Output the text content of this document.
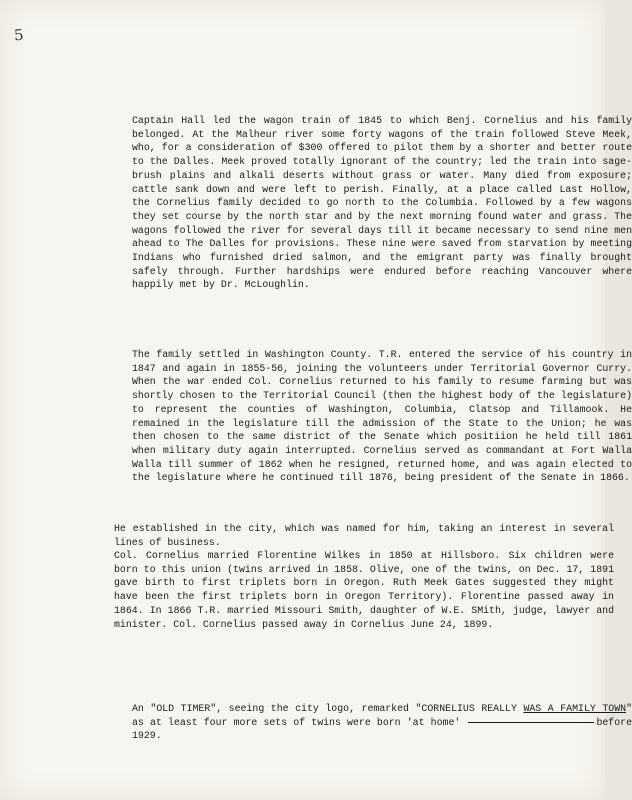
5
Captain Hall led the wagon train of 1845 to which Benj. Cornelius and his family belonged. At the Malheur river some forty wagons of the train followed Steve Meek, who, for a consideration of $300 offered to pilot them by a shorter and better route to the Dalles. Meek proved totally ignorant of the country; led the train into sage-brush plains and alkali deserts without grass or water. Many died from exposure; cattle sank down and were left to perish. Finally, at a place called Last Hollow, the Cornelius family decided to go north to the Columbia. Followed by a few wagons they set course by the north star and by the next morning found water and grass. The wagons followed the river for several days till it became necessary to send nine men ahead to The Dalles for provisions. These nine were saved from starvation by meeting Indians who furnished dried salmon, and the emigrant party was finally brought safely through. Further hardships were endured before reaching Vancouver where happily met by Dr. McLoughlin.
The family settled in Washington County. T.R. entered the service of his country in 1847 and again in 1855-56, joining the volunteers under Territorial Governor Curry. When the war ended Col. Cornelius returned to his family to resume farming but was shortly chosen to the Territorial Council (then the highest body of the legislature) to represent the counties of Washington, Columbia, Clatsop and Tillamook. He remained in the legislature till the admission of the State to the Union; he was then chosen to the same district of the Senate which positiion he held till 1861 when military duty again interrupted. Cornelius served as commandant at Fort Walla Walla till summer of 1862 when he resigned, returned home, and was again elected to the legislature where he continued till 1876, being president of the Senate in 1866.
He established in the city, which was named for him, taking an interest in several lines of business.
Col. Cornelius married Florentine Wilkes in 1850 at Hillsboro. Six children were born to this union (twins arrived in 1858. Olive, one of the twins, on Dec. 17, 1891 gave birth to first triplets born in Oregon. Ruth Meek Gates suggested they might have been the first triplets born in Oregon Territory). Florentine passed away in 1864. In 1866 T.R. married Missouri Smith, daughter of W.E. SMith, judge, lawyer and minister. Col. Cornelius passed away in Cornelius June 24, 1899.
An "OLD TIMER", seeing the city logo, remarked "CORNELIUS REALLY WAS A FAMILY TOWN" as at least four more sets of twins were born 'at home'	before 1929.
